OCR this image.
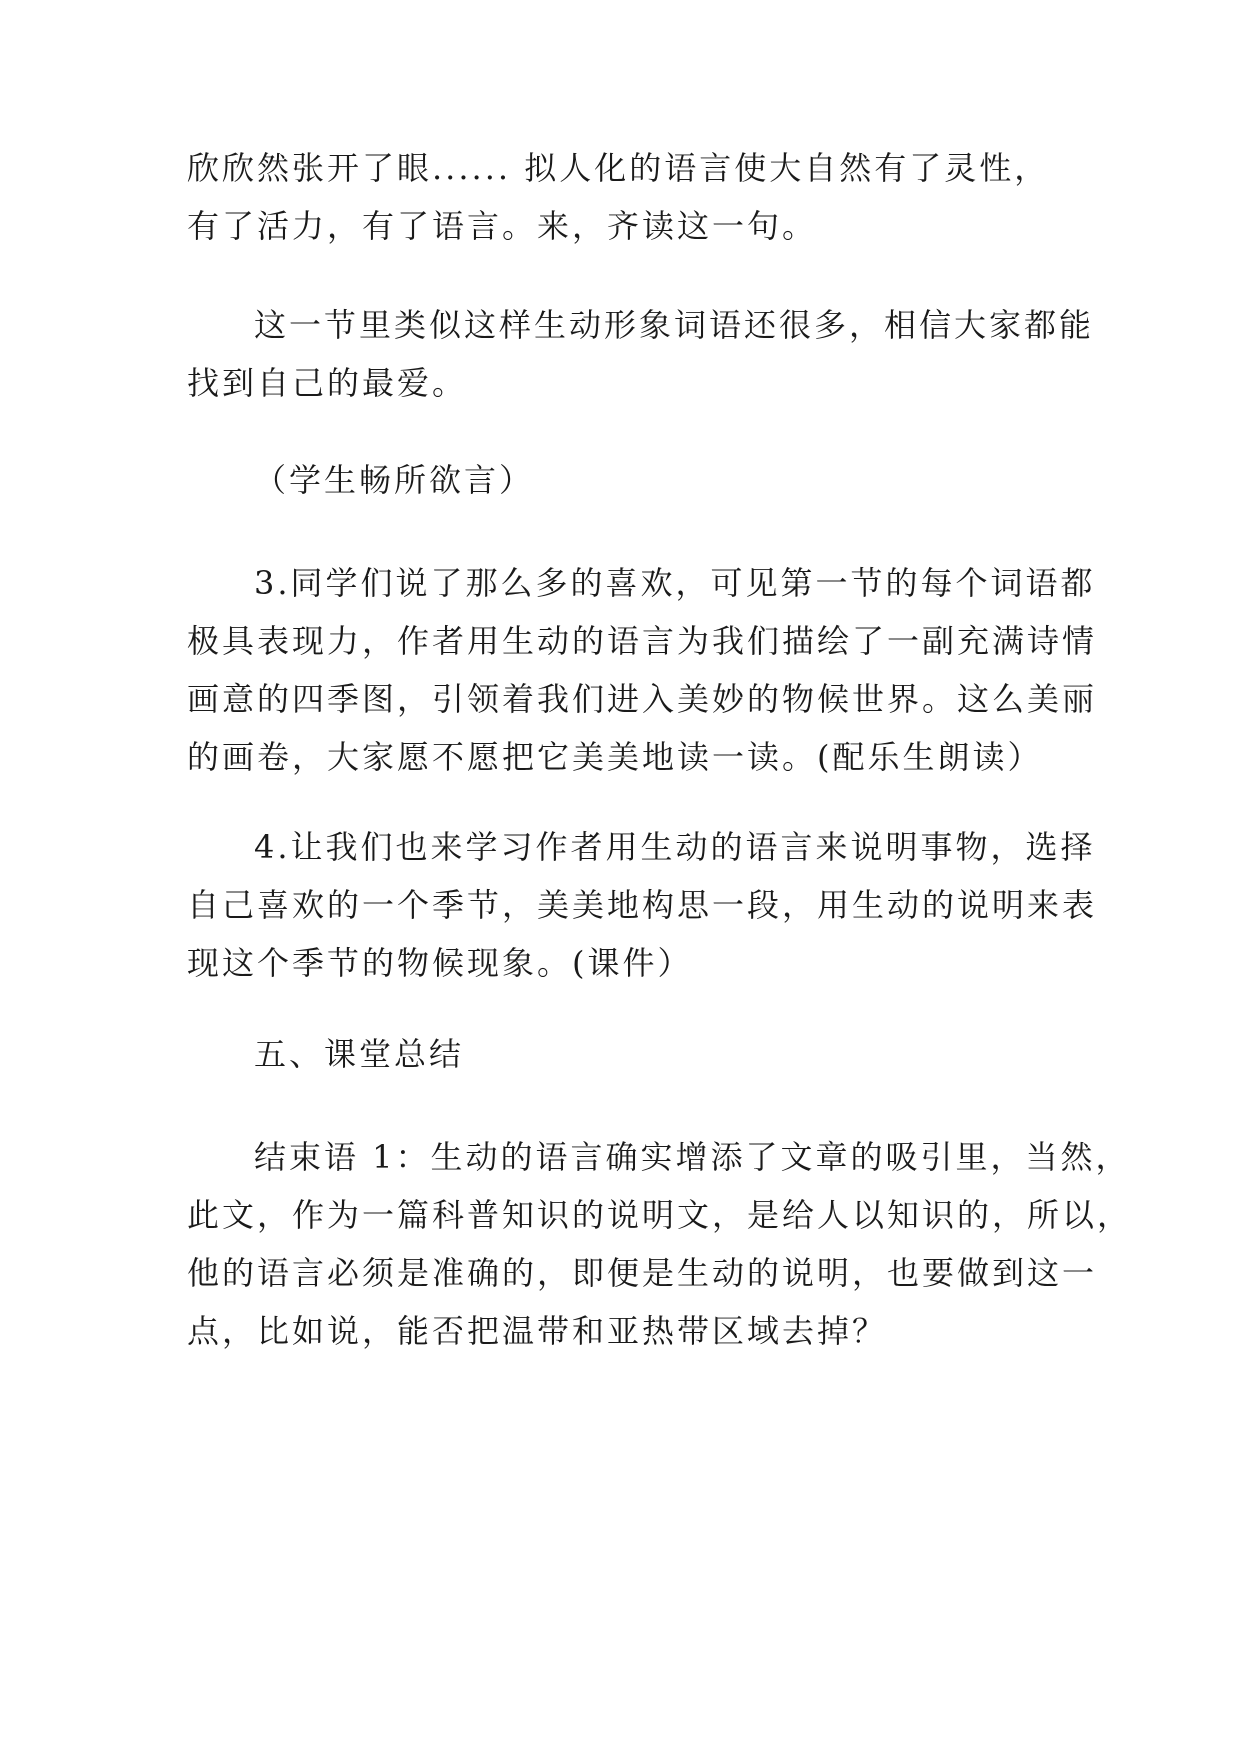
欣欣然张开了眼...... 拟人化的语言使大自然有了灵性，
有了活力，有了语言。来，齐读这一句。

这一节里类似这样生动形象词语还很多，相信大家都能
找到自己的最爱。

（学生畅所欲言）

3.同学们说了那么多的喜欢，可见第一节的每个词语都
极具表现力，作者用生动的语言为我们描绘了一副充满诗情
画意的四季图，引领着我们进入美妙的物候世界。这么美丽
的画卷，大家愿不愿把它美美地读一读。(配乐生朗读）

4.让我们也来学习作者用生动的语言来说明事物，选择
自己喜欢的一个季节，美美地构思一段，用生动的说明来表
现这个季节的物候现象。(课件）

五、课堂总结

结束语 1：生动的语言确实增添了文章的吸引里，当然，
此文，作为一篇科普知识的说明文，是给人以知识的，所以，
他的语言必须是准确的，即便是生动的说明，也要做到这一
点，比如说，能否把温带和亚热带区域去掉？
